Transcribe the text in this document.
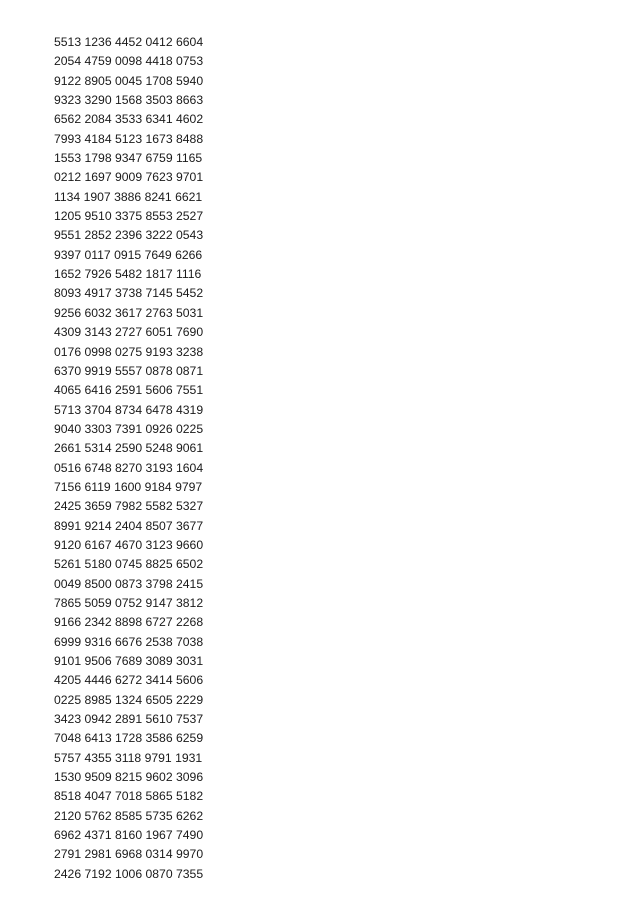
5513 1236 4452 0412 6604
2054 4759 0098 4418 0753
9122 8905 0045 1708 5940
9323 3290 1568 3503 8663
6562 2084 3533 6341 4602
7993 4184 5123 1673 8488
1553 1798 9347 6759 1165
0212 1697 9009 7623 9701
1134 1907 3886 8241 6621
1205 9510 3375 8553 2527
9551 2852 2396 3222 0543
9397 0117 0915 7649 6266
1652 7926 5482 1817 1116
8093 4917 3738 7145 5452
9256 6032 3617 2763 5031
4309 3143 2727 6051 7690
0176 0998 0275 9193 3238
6370 9919 5557 0878 0871
4065 6416 2591 5606 7551
5713 3704 8734 6478 4319
9040 3303 7391 0926 0225
2661 5314 2590 5248 9061
0516 6748 8270 3193 1604
7156 6119 1600 9184 9797
2425 3659 7982 5582 5327
8991 9214 2404 8507 3677
9120 6167 4670 3123 9660
5261 5180 0745 8825 6502
0049 8500 0873 3798 2415
7865 5059 0752 9147 3812
9166 2342 8898 6727 2268
6999 9316 6676 2538 7038
9101 9506 7689 3089 3031
4205 4446 6272 3414 5606
0225 8985 1324 6505 2229
3423 0942 2891 5610 7537
7048 6413 1728 3586 6259
5757 4355 3118 9791 1931
1530 9509 8215 9602 3096
8518 4047 7018 5865 5182
2120 5762 8585 5735 6262
6962 4371 8160 1967 7490
2791 2981 6968 0314 9970
2426 7192 1006 0870 7355
